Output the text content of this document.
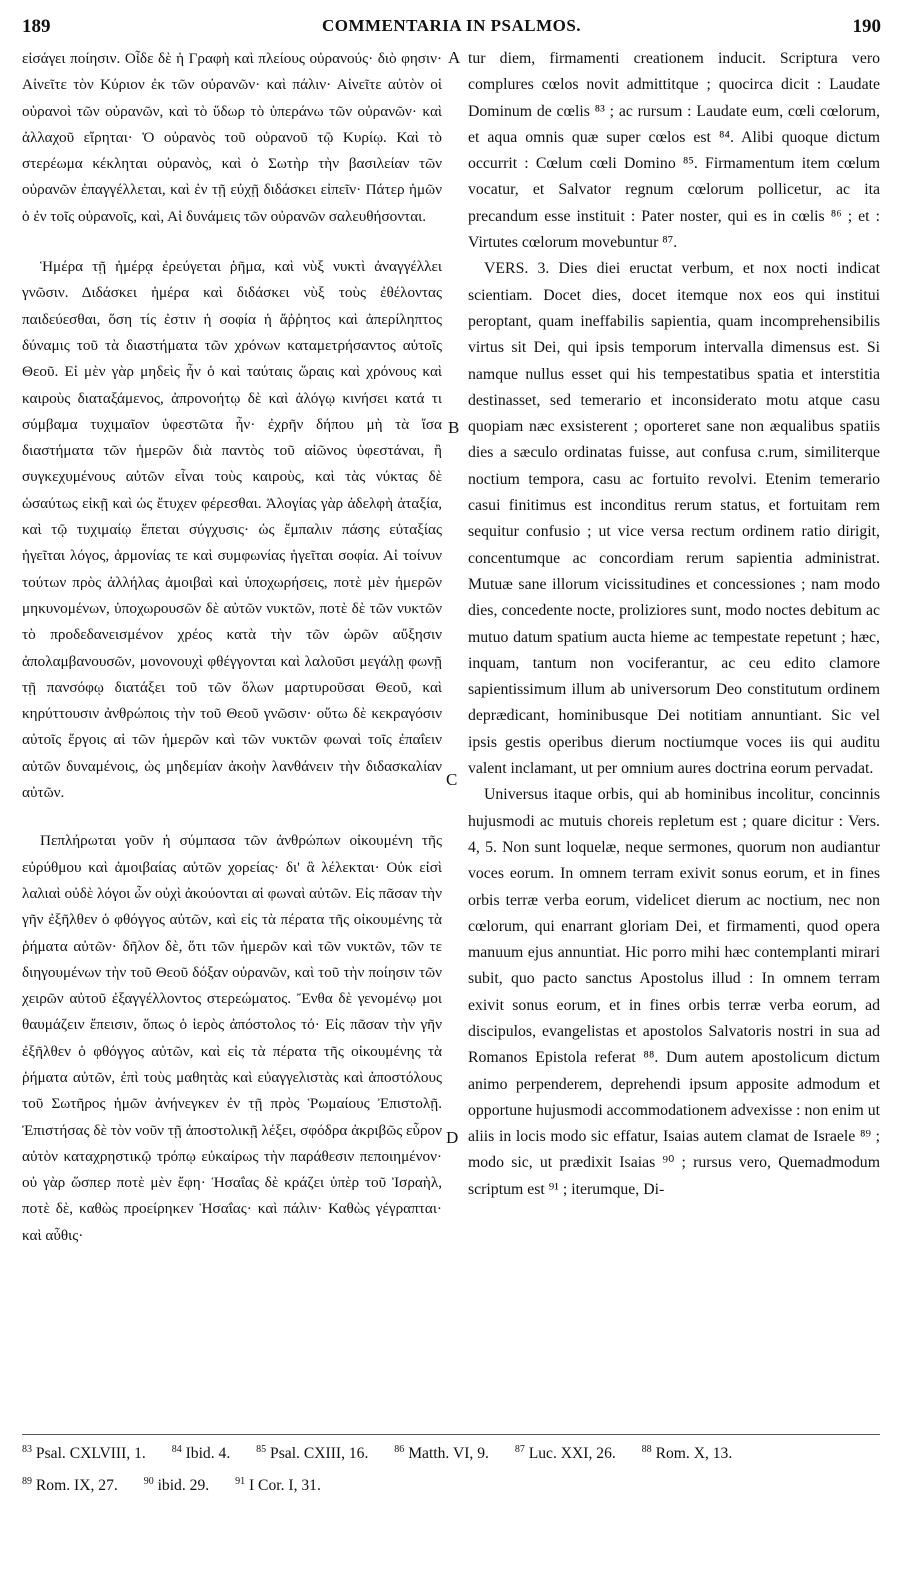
189	COMMENTARIA IN PSALMOS.	190

εἰσάγει ποίησιν. Οἶδε δὲ ἡ Γραφὴ καὶ πλείους οὐρανούς· διὸ φησιν· Αἰνεῖτε τὸν Κύριον ἐκ τῶν οὐρανῶν· καὶ πάλιν· Αἰνεῖτε αὐτὸν οἱ οὐρανοὶ τῶν οὐρανῶν, καὶ τὸ ὕδωρ τὸ ὑπεράνω τῶν οὐρανῶν· καὶ ἀλλαχοῦ εἴρηται· Ὁ οὐρανὸς τοῦ οὐρανοῦ τῷ Κυρίῳ. Καὶ τὸ στερέωμα κέκληται οὐρανὸς, καὶ ὁ Σωτὴρ τὴν βασιλείαν τῶν οὐρανῶν ἐπαγγέλλεται, καὶ ἐν τῇ εὐχῇ διδάσκει εἰπεῖν· Πάτερ ἡμῶν ὁ ἐν τοῖς οὐρανοῖς, καὶ, Αἱ δυνάμεις τῶν οὐρανῶν σαλευθήσονται.

Ἡμέρα τῇ ἡμέρᾳ ἐρεύγεται ῥῆμα, καὶ νὺξ νυκτὶ ἀναγγέλλει γνῶσιν. Διδάσκει ἡμέρα καὶ διδάσκει νὺξ τοὺς ἐθέλοντας παιδεύεσθαι, ὅση τίς ἐστιν ἡ σοφία ἡ ἄῤῥητος καὶ ἀπερίληπτος δύναμις τοῦ τὰ διαστήματα τῶν χρόνων καταμετρήσαντος αὐτοῖς Θεοῦ. Εἰ μὲν γὰρ μηδεὶς ἦν ὁ καὶ ταύταις ὥραις καὶ χρόνους καὶ καιροὺς διαταξάμενος, ἀπρονοήτῳ δὲ καὶ ἀλόγῳ κινήσει κατά τι σύμβαμα τυχιμαῖον ὑφεστῶτα ἦν· ἐχρῆν δήπου μὴ τὰ ἴσα διαστήματα τῶν ἡμερῶν διὰ παντὸς τοῦ αἰῶνος ὑφεστάναι, ἢ συγκεχυμένους αὐτῶν εἶναι τοὺς καιροὺς, καὶ τὰς νύκτας δὲ ὡσαύτως εἰκῇ καὶ ὡς ἔτυχεν φέρεσθαι. Ἀλογίας γὰρ ἀδελφὴ ἀταξία, καὶ τῷ τυχιμαίῳ ἕπεται σύγχυσις· ὡς ἔμπαλιν πάσης εὐταξίας ἡγεῖται λόγος, ἁρμονίας τε καὶ συμφωνίας ἡγεῖται σοφία. Αἱ τοίνυν τούτων πρὸς ἀλλήλας ἀμοιβαὶ καὶ ὑποχωρήσεις, ποτὲ μὲν ἡμερῶν μηκυνομένων, ὑποχωρουσῶν δὲ αὐτῶν νυκτῶν, ποτὲ δὲ τῶν νυκτῶν τὸ προδεδανεισμένον χρέος κατὰ τὴν τῶν ὡρῶν αὔξησιν ἀπολαμβανουσῶν, μονονουχὶ φθέγγονται καὶ λαλοῦσι μεγάλῃ φωνῇ τῇ πανσόφῳ διατάξει τοῦ τῶν ὅλων μαρτυροῦσαι Θεοῦ, καὶ κηρύττουσιν ἀνθρώποις τὴν τοῦ Θεοῦ γνῶσιν· οὕτω δὲ κεκραγόσιν αὐτοῖς ἔργοις αἱ τῶν ἡμερῶν καὶ τῶν νυκτῶν φωναὶ τοῖς ἐπαΐειν αὐτῶν δυναμένοις, ὡς μηδεμίαν ἀκοὴν λανθάνειν τὴν διδασκαλίαν αὐτῶν.

Πεπλήρωται γοῦν ἡ σύμπασα τῶν ἀνθρώπων οἰκουμένη τῆς εὐρύθμου καὶ ἀμοιβαίας αὐτῶν χορείας· δι' ἃ λέλεκται· Οὐκ εἰσὶ λαλιαὶ οὐδὲ λόγοι ὧν οὐχὶ ἀκούονται αἱ φωναὶ αὐτῶν. Εἰς πᾶσαν τὴν γῆν ἐξῆλθεν ὁ φθόγγος αὐτῶν, καὶ εἰς τὰ πέρατα τῆς οἰκουμένης τὰ ῥήματα αὐτῶν· δῆλον δὲ, ὅτι τῶν ἡμερῶν καὶ τῶν νυκτῶν, τῶν τε διηγουμένων τὴν τοῦ Θεοῦ δόξαν οὐρανῶν, καὶ τοῦ τὴν ποίησιν τῶν χειρῶν αὐτοῦ ἐξαγγέλλοντος στερεώματος. Ἔνθα δὲ γενομένῳ μοι θαυμάζειν ἔπεισιν, ὅπως ὁ ἱερὸς ἀπόστολος τό· Εἰς πᾶσαν τὴν γῆν ἐξῆλθεν ὁ φθόγγος αὐτῶν, καὶ εἰς τὰ πέρατα τῆς οἰκουμένης τὰ ῥήματα αὐτῶν, ἐπὶ τοὺς μαθητὰς καὶ εὐαγγελιστὰς καὶ ἀποστόλους τοῦ Σωτῆρος ἡμῶν ἀνήνεγκεν ἐν τῇ πρὸς Ῥωμαίους Ἐπιστολῇ. Ἐπιστήσας δὲ τὸν νοῦν τῇ ἀποστολικῇ λέξει, σφόδρα ἀκριβῶς εὗρον αὐτὸν καταχρηστικῷ τρόπῳ εὐκαίρως τὴν παράθεσιν πεποιημένον· οὐ γὰρ ὥσπερ ποτὲ μὲν ἔφη· Ἡσαΐας δὲ κράζει ὑπὲρ τοῦ Ἰσραὴλ, ποτὲ δὲ, καθὼς προείρηκεν Ἡσαΐας· καὶ πάλιν· Καθὼς γέγραπται· καὶ αὖθις·

A
B
C
D

tur diem, firmamenti creationem inducit. Scriptura vero complures cœlos novit admittitque ; quocirca dicit : Laudate Dominum de cœlis ⁸³ ; ac rursum : Laudate eum, cœli cœlorum, et aqua omnis quæ super cœlos est ⁸⁴. Alibi quoque dictum occurrit : Cœlum cœli Domino ⁸⁵. Firmamentum item cœlum vocatur, et Salvator regnum cœlorum pollicetur, ac ita precandum esse instituit : Pater noster, qui es in cœlis ⁸⁶ ; et : Virtutes cœlorum movebuntur ⁸⁷.

VERS. 3. Dies diei eructat verbum, et nox nocti indicat scientiam. Docet dies, docet itemque nox eos qui institui peroptant, quam ineffabilis sapientia, quam incomprehensibilis virtus sit Dei, qui ipsis temporum intervalla dimensus est. Si namque nullus esset qui his tempestatibus spatia et interstitia destinasset, sed temerario et inconsiderato motu atque casu quopiam næc exsisterent ; oporteret sane non æqualibus spatiis dies a sæculo ordinatas fuisse, aut confusa c.rum, similiterque noctium tempora, casu ac fortuito revolvi. Etenim temerario casui finitimus est inconditus rerum status, et fortuitam rem sequitur confusio ; ut vice versa rectum ordinem ratio dirigit, concentumque ac concordiam rerum sapientia administrat. Mutuæ sane illorum vicissitudines et concessiones ; nam modo dies, concedente nocte, proliziores sunt, modo noctes debitum ac mutuo datum spatium aucta hieme ac tempestate repetunt ; hæc, inquam, tantum non vociferantur, ac ceu edito clamore sapientissimum illum ab universorum Deo constitutum ordinem deprædicant, hominibusque Dei notitiam annuntiant. Sic vel ipsis gestis operibus dierum noctiumque voces iis qui auditu valent inclamant, ut per omnium aures doctrina eorum pervadat.

Universus itaque orbis, qui ab hominibus incolitur, concinnis hujusmodi ac mutuis choreis repletum est ; quare dicitur : Vers. 4, 5. Non sunt loquelæ, neque sermones, quorum non audiantur voces eorum. In omnem terram exivit sonus eorum, et in fines orbis terræ verba eorum, videlicet dierum ac noctium, nec non cœlorum, qui enarrant gloriam Dei, et firmamenti, quod opera manuum ejus annuntiat. Hic porro mihi hæc contemplanti mirari subit, quo pacto sanctus Apostolus illud : In omnem terram exivit sonus eorum, et in fines orbis terræ verba eorum, ad discipulos, evangelistas et apostolos Salvatoris nostri in sua ad Romanos Epistola referat ⁸⁸. Dum autem apostolicum dictum animo perpenderem, deprehendi ipsum apposite admodum et opportune hujusmodi accommodationem advexisse : non enim ut aliis in locis modo sic effatur, Isaias autem clamat de Israele ⁸⁹ ; modo sic, ut prædixit Isaias ⁹⁰ ; rursus vero, Quemadmodum scriptum est ⁹¹ ; iterumque, Di-

$^{83}$ Psal. CXLVIII, 1.	$^{84}$ Ibid. 4.	$^{85}$ Psal. CXIII, 16.	$^{86}$ Matth. VI, 9.	$^{87}$ Luc. XXI, 26.	$^{88}$ Rom. X, 13.
$^{89}$ Rom. IX, 27.	$^{90}$ ibid. 29.	$^{91}$ I Cor. I, 31.
